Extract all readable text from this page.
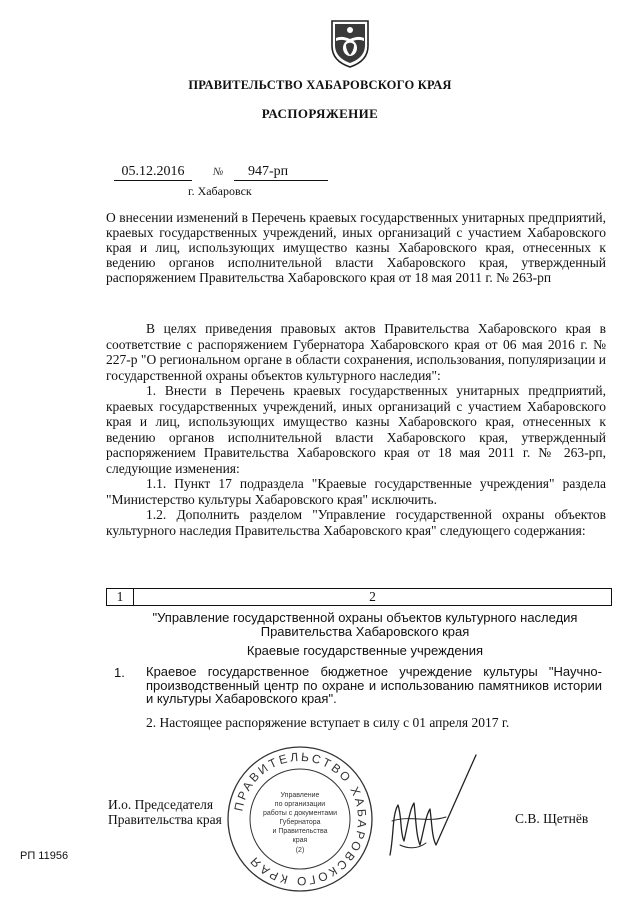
ПРАВИТЕЛЬСТВО ХАБАРОВСКОГО КРАЯ
РАСПОРЯЖЕНИЕ
05.12.2016	№	947-рп
г. Хабаровск
О внесении изменений в Перечень краевых государственных унитарных предприятий, краевых государственных учреждений, иных организаций с участием Хабаровского края и лиц, использующих имущество казны Хабаровского края, отнесенных к ведению органов исполнительной власти Хабаровского края, утвержденный распоряжением Правительства Хабаровского края от 18 мая 2011 г. № 263-рп

В целях приведения правовых актов Правительства Хабаровского края в соответствие с распоряжением Губернатора Хабаровского края от 06 мая 2016 г. № 227-р "О региональном органе в области сохранения, использования, популяризации и государственной охраны объектов культурного наследия":

1. Внести в Перечень краевых государственных унитарных предприятий, краевых государственных учреждений, иных организаций с участием Хабаровского края и лиц, использующих имущество казны Хабаровского края, отнесенных к ведению органов исполнительной власти Хабаровского края, утвержденный распоряжением Правительства Хабаровского края от 18 мая 2011 г. № 263-рп, следующие изменения:

1.1. Пункт 17 подраздела "Краевые государственные учреждения" раздела "Министерство культуры Хабаровского края" исключить.

1.2. Дополнить разделом "Управление государственной охраны объектов культурного наследия Правительства Хабаровского края" следующего содержания:

1	2
"Управление государственной охраны объектов культурного наследия Правительства Хабаровского края
Краевые государственные учреждения
1. Краевое государственное бюджетное учреждение культуры "Научно-производственный центр по охране и использованию памятников истории и культуры Хабаровского края".
2. Настоящее распоряжение вступает в силу с 01 апреля 2017 г.
И.о. Председателя
Правительства края	С.В. Щетнёв
ПРАВИТЕЛЬСТВО ХАБАРОВСКОГО КРАЯ
Управление
по организации
работы с документами
Губернатора
и Правительства
края
(2)
РП 11956
